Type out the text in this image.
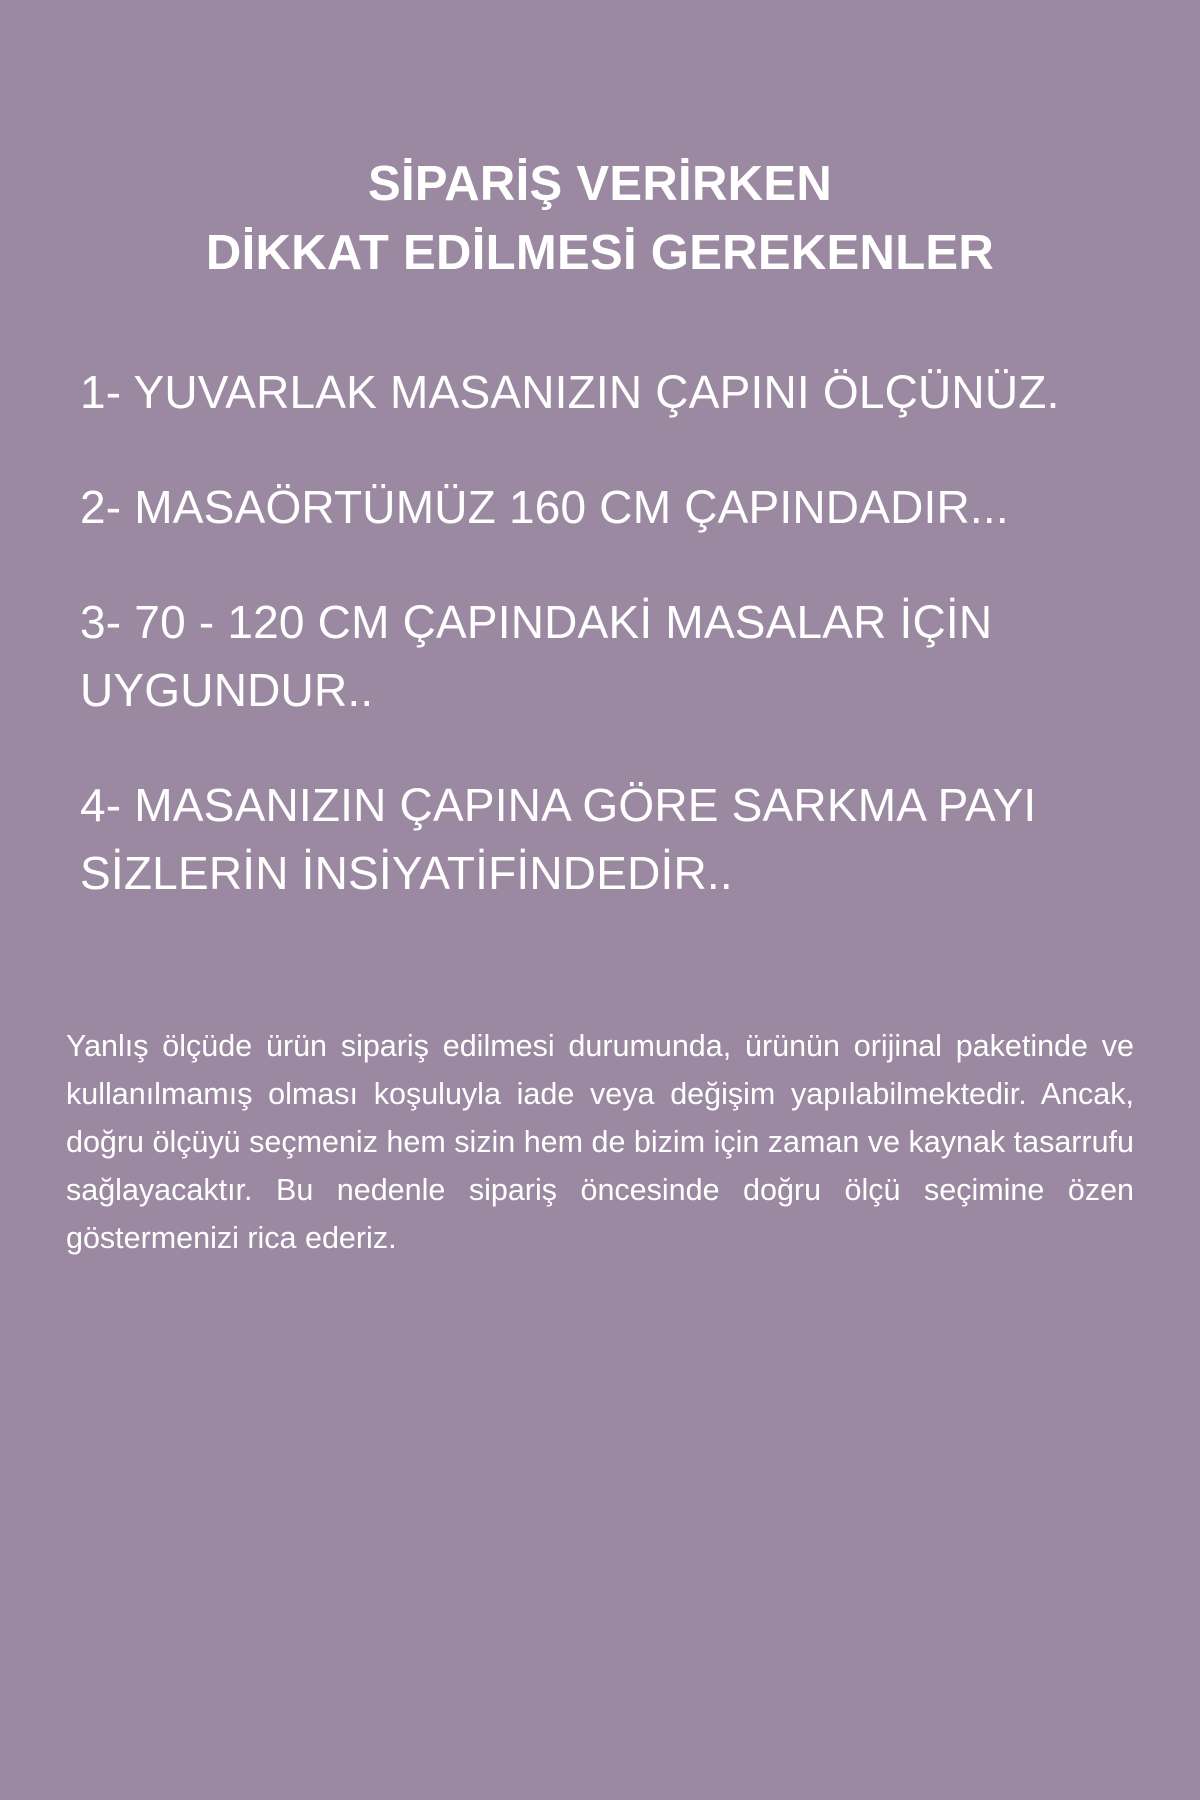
SİPARİŞ VERİRKEN
DİKKAT EDİLMESİ GEREKENLER
1- YUVARLAK MASANIZIN ÇAPINI ÖLÇÜNÜZ.
2- MASAÖRTÜMÜZ 160 CM ÇAPINDADIR...
3- 70 - 120 CM ÇAPINDAKİ MASALAR İÇİN UYGUNDUR..
4- MASANIZIN ÇAPINA GÖRE SARKMA PAYI SİZLERİN İNSİYATİFİNDEDİR..

Yanlış ölçüde ürün sipariş edilmesi durumunda, ürünün orijinal paketinde ve kullanılmamış olması koşuluyla iade veya değişim yapılabilmektedir. Ancak, doğru ölçüyü seçmeniz hem sizin hem de bizim için zaman ve kaynak tasarrufu sağlayacaktır. Bu nedenle sipariş öncesinde doğru ölçü seçimine özen göstermenizi rica ederiz.
